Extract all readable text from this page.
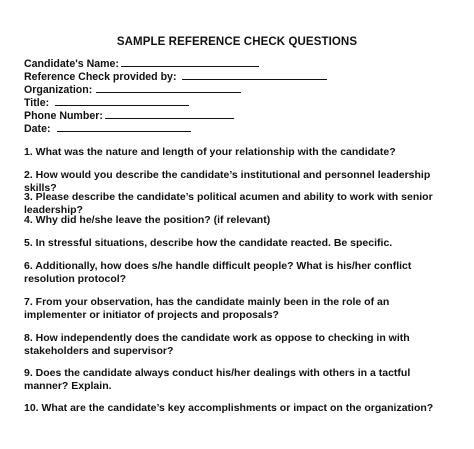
SAMPLE REFERENCE CHECK QUESTIONS
Candidate's Name:
Reference Check provided by:
Organization:
Title:
Phone Number:
Date:
1. What was the nature and length of your relationship with the candidate?
2. How would you describe the candidate’s institutional and personnel leadership skills?
3. Please describe the candidate’s political acumen and ability to work with senior leadership?
4. Why did he/she leave the position? (if relevant)
5. In stressful situations, describe how the candidate reacted. Be specific.
6. Additionally, how does s/he handle difficult people? What is his/her conflict resolution protocol?
7. From your observation, has the candidate mainly been in the role of an implementer or initiator of projects and proposals?
8. How independently does the candidate work as oppose to checking in with stakeholders and supervisor?
9. Does the candidate always conduct his/her dealings with others in a tactful manner? Explain.
10. What are the candidate’s key accomplishments or impact on the organization?
